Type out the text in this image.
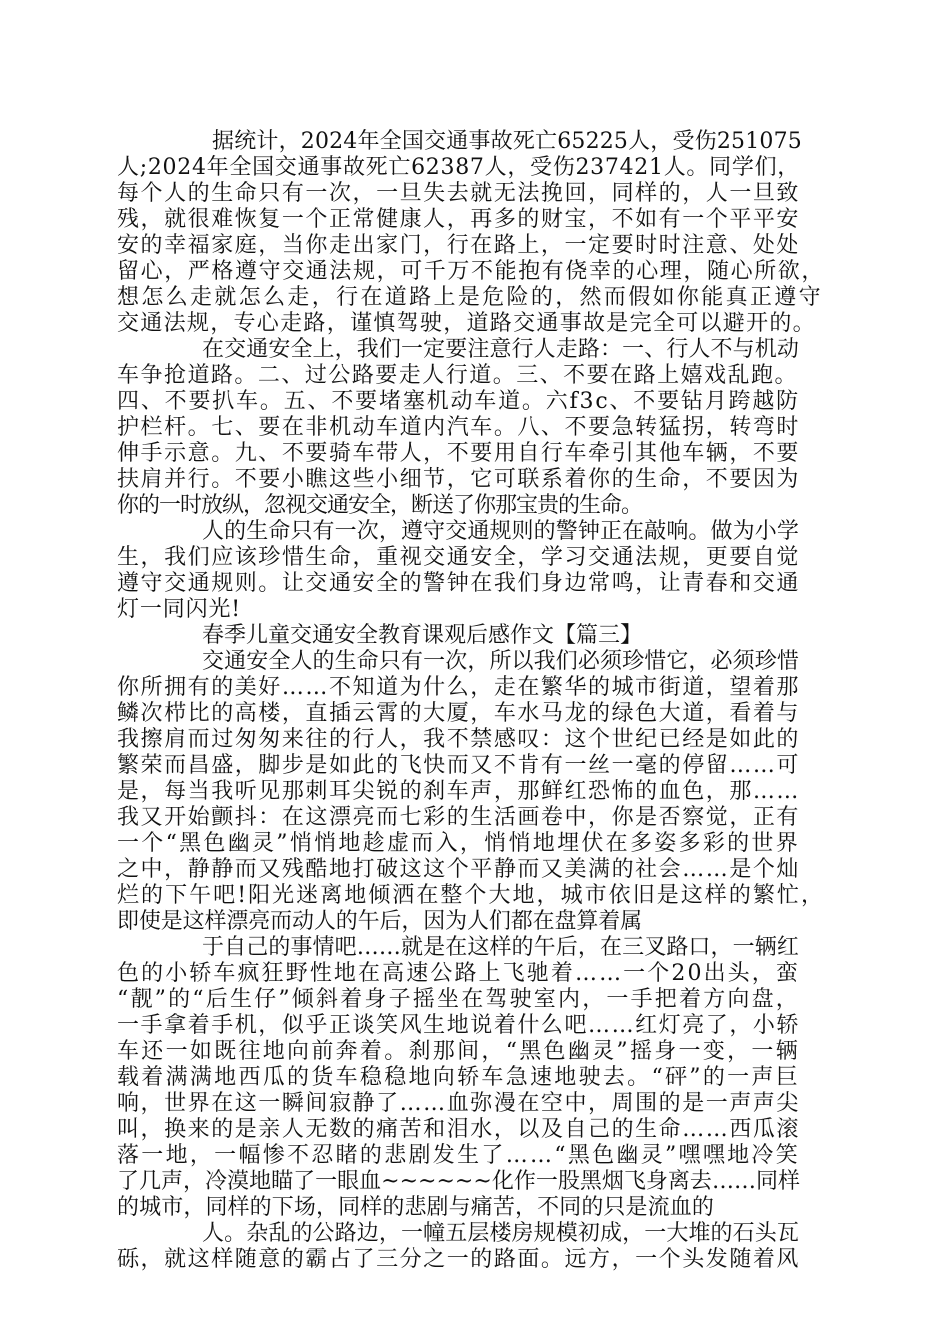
据统计，2024年全国交通事故死亡65225人，受伤251075
人;2024年全国交通事故死亡62387人，受伤237421人。同学们，
每个人的生命只有一次，一旦失去就无法挽回，同样的，人一旦致
残，就很难恢复一个正常健康人，再多的财宝，不如有一个平平安
安的幸福家庭，当你走出家门，行在路上，一定要时时注意、处处
留心，严格遵守交通法规，可千万不能抱有侥幸的心理，随心所欲，
想怎么走就怎么走，行在道路上是危险的，然而假如你能真正遵守
交通法规，专心走路，谨慎驾驶，道路交通事故是完全可以避开的。
在交通安全上，我们一定要注意行人走路：一、行人不与机动
车争抢道路。二、过公路要走人行道。三、不要在路上嬉戏乱跑。
四、不要扒车。五、不要堵塞机动车道。六f3c、不要钻月跨越防
护栏杆。七、要在非机动车道内汽车。八、不要急转猛拐，转弯时
伸手示意。九、不要骑车带人，不要用自行车牵引其他车辆，不要
扶肩并行。不要小瞧这些小细节，它可联系着你的生命，不要因为
你的一时放纵，忽视交通安全，断送了你那宝贵的生命。
人的生命只有一次，遵守交通规则的警钟正在敲响。做为小学
生，我们应该珍惜生命，重视交通安全，学习交通法规，更要自觉
遵守交通规则。让交通安全的警钟在我们身边常鸣，让青春和交通
灯一同闪光!
春季儿童交通安全教育课观后感作文【篇三】
交通安全人的生命只有一次，所以我们必须珍惜它，必须珍惜
你所拥有的美好……不知道为什么，走在繁华的城市街道，望着那
鳞次栉比的高楼，直插云霄的大厦，车水马龙的绿色大道，看着与
我擦肩而过匆匆来往的行人，我不禁感叹：这个世纪已经是如此的
繁荣而昌盛，脚步是如此的飞快而又不肯有一丝一毫的停留……可
是，每当我听见那刺耳尖锐的刹车声，那鲜红恐怖的血色，那……
我又开始颤抖：在这漂亮而七彩的生活画卷中，你是否察觉，正有
一个“黑色幽灵”悄悄地趁虚而入，悄悄地埋伏在多姿多彩的世界
之中，静静而又残酷地打破这这个平静而又美满的社会……是个灿
烂的下午吧!阳光迷离地倾洒在整个大地，城市依旧是这样的繁忙，
即使是这样漂亮而动人的午后，因为人们都在盘算着属
于自己的事情吧……就是在这样的午后，在三叉路口，一辆红
色的小轿车疯狂野性地在高速公路上飞驰着……一个20出头，蛮
“靓”的“后生仔”倾斜着身子摇坐在驾驶室内，一手把着方向盘，
一手拿着手机，似乎正谈笑风生地说着什么吧……红灯亮了，小轿
车还一如既往地向前奔着。刹那间，“黑色幽灵”摇身一变，一辆
载着满满地西瓜的货车稳稳地向轿车急速地驶去。“砰”的一声巨
响，世界在这一瞬间寂静了……血弥漫在空中，周围的是一声声尖
叫，换来的是亲人无数的痛苦和泪水，以及自己的生命……西瓜滚
落一地，一幅惨不忍睹的悲剧发生了……“黑色幽灵”嘿嘿地冷笑
了几声，冷漠地瞄了一眼血~~~~~~化作一股黑烟飞身离去……同样
的城市，同样的下场，同样的悲剧与痛苦，不同的只是流血的
人。杂乱的公路边，一幢五层楼房规模初成，一大堆的石头瓦
砾，就这样随意的霸占了三分之一的路面。远方，一个头发随着风
